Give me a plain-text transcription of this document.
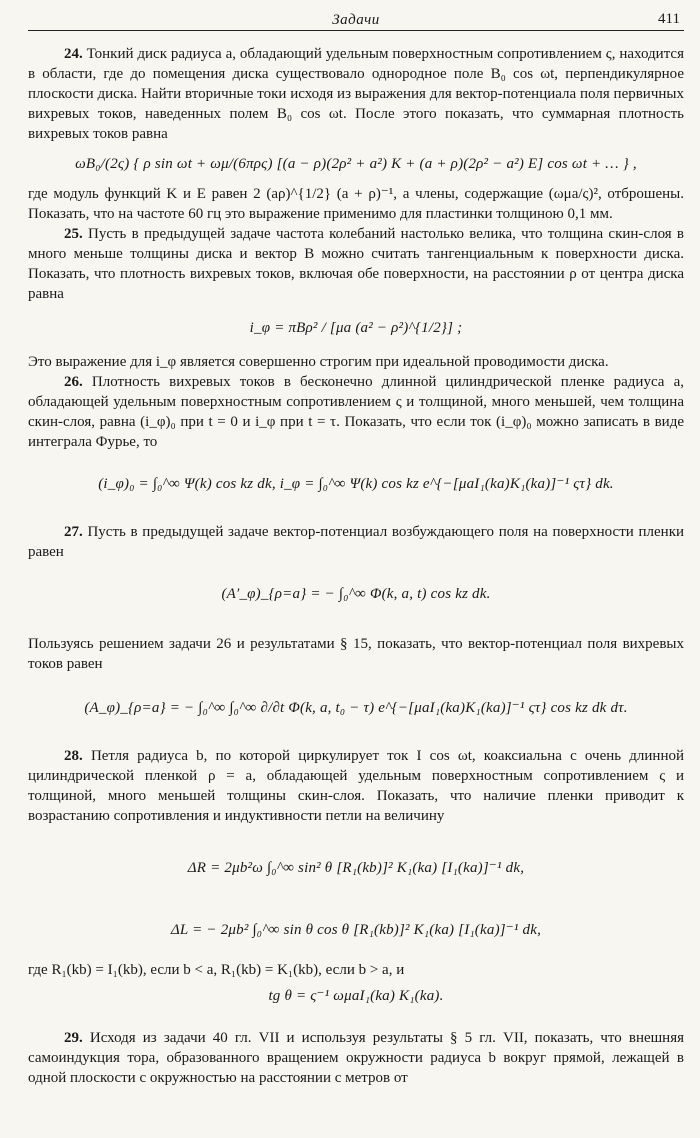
Задачи	411

24. Тонкий диск радиуса a, обладающий удельным поверхностным сопротивлением ς, находится в области, где до помещения диска существовало однородное поле B₀ cos ωt, перпендикулярное плоскости диска. Найти вторичные токи исходя из выражения для вектор-потенциала поля первичных вихревых токов, наведенных полем B₀ cos ωt. После этого показать, что суммарная плотность вихревых токов равна

ωB₀/(2ς) { ρ sin ωt + ωμ/(6πρς) [(a − ρ)(2ρ² + a²) K + (a + ρ)(2ρ² − a²) E] cos ωt + … } ,

где модуль функций K и E равен 2 (aρ)^{1/2} (a + ρ)⁻¹, а члены, содержащие (ωμa/ς)², отброшены. Показать, что на частоте 60 гц это выражение применимо для пластинки толщиною 0,1 мм.

25. Пусть в предыдущей задаче частота колебаний настолько велика, что толщина скин-слоя в много меньше толщины диска и вектор B можно считать тангенциальным к поверхности диска. Показать, что плотность вихревых токов, включая обе поверхности, на расстоянии ρ от центра диска равна

i_φ = πBρ² / [μa (a² − ρ²)^{1/2}] ;

Это выражение для i_φ является совершенно строгим при идеальной проводимости диска.

26. Плотность вихревых токов в бесконечно длинной цилиндрической пленке радиуса a, обладающей удельным поверхностным сопротивлением ς и толщиной, много меньшей, чем толщина скин-слоя, равна (i_φ)₀ при t = 0 и i_φ при t = τ. Показать, что если ток (i_φ)₀ можно записать в виде интеграла Фурье, то

(i_φ)₀ = ∫₀^∞ Ψ(k) cos kz dk, i_φ = ∫₀^∞ Ψ(k) cos kz e^{−[μaI₁(ka)K₁(ka)]⁻¹ ςτ} dk.

27. Пусть в предыдущей задаче вектор-потенциал возбуждающего поля на поверхности пленки равен

(A′_φ)_{ρ=a} = − ∫₀^∞ Φ(k, a, t) cos kz dk.

Пользуясь решением задачи 26 и результатами § 15, показать, что вектор-потенциал поля вихревых токов равен

(A_φ)_{ρ=a} = − ∫₀^∞ ∫₀^∞ ∂/∂t Φ(k, a, t₀ − τ) e^{−[μaI₁(ka)K₁(ka)]⁻¹ ςτ} cos kz dk dτ.

28. Петля радиуса b, по которой циркулирует ток I cos ωt, коаксиальна с очень длинной цилиндрической пленкой ρ = a, обладающей удельным поверхностным сопротивлением ς и толщиной, много меньшей толщины скин-слоя. Показать, что наличие пленки приводит к возрастанию сопротивления и индуктивности петли на величину

ΔR = 2μb²ω ∫₀^∞ sin² θ [R₁(kb)]² K₁(ka) [I₁(ka)]⁻¹ dk,

ΔL = − 2μb² ∫₀^∞ sin θ cos θ [R₁(kb)]² K₁(ka) [I₁(ka)]⁻¹ dk,

где R₁(kb) = I₁(kb), если b < a, R₁(kb) = K₁(kb), если b > a, и

tg θ = ς⁻¹ ωμaI₁(ka) K₁(ka).

29. Исходя из задачи 40 гл. VII и используя результаты § 5 гл. VII, показать, что внешняя самоиндукция тора, образованного вращением окружности радиуса b вокруг прямой, лежащей в одной плоскости с окружностью на расстоянии c метров от
